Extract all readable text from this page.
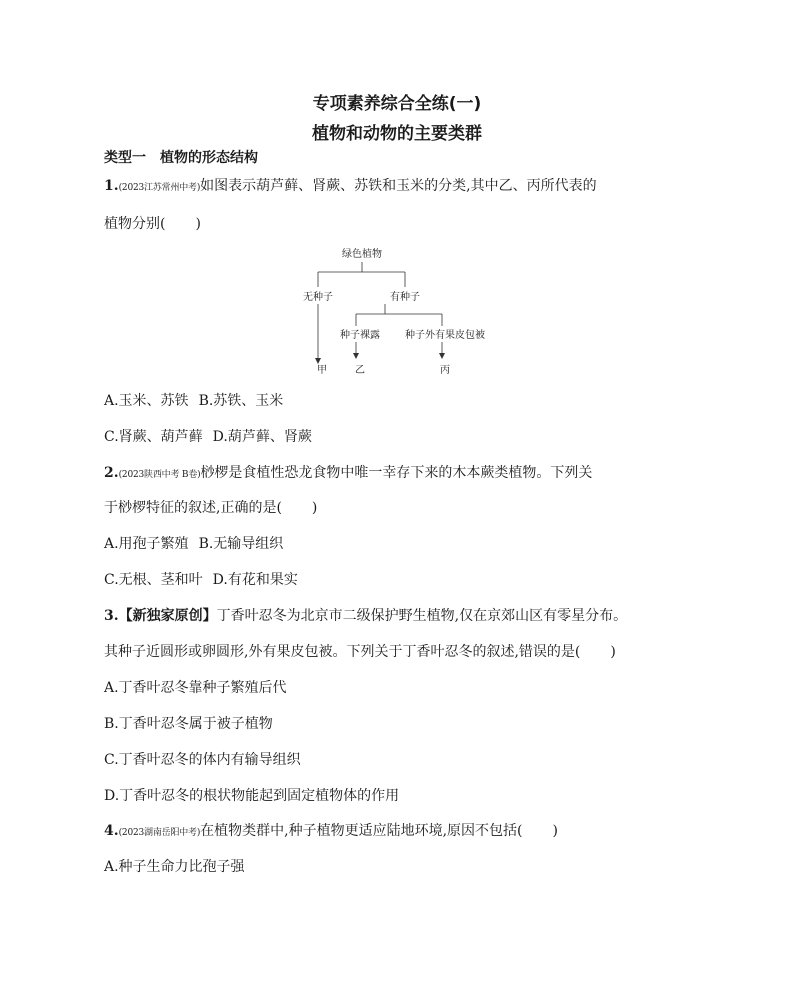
专项素养综合全练(一)
植物和动物的主要类群
类型一 植物的形态结构
1.(2023江苏常州中考)如图表示葫芦藓、肾蕨、苏铁和玉米的分类,其中乙、丙所代表的
植物分别( )
绿色植物
无种子	有种子
种子裸露	种子外有果皮包被
甲	乙	丙
A.玉米、苏铁 B.苏铁、玉米
C.肾蕨、葫芦藓 D.葫芦藓、肾蕨
2.(2023陕西中考 B卷)桫椤是食植性恐龙食物中唯一幸存下来的木本蕨类植物。下列关
于桫椤特征的叙述,正确的是( )
A.用孢子繁殖 B.无输导组织
C.无根、茎和叶 D.有花和果实
3.【新独家原创】丁香叶忍冬为北京市二级保护野生植物,仅在京郊山区有零星分布。
其种子近圆形或卵圆形,外有果皮包被。下列关于丁香叶忍冬的叙述,错误的是( )
A.丁香叶忍冬靠种子繁殖后代
B.丁香叶忍冬属于被子植物
C.丁香叶忍冬的体内有输导组织
D.丁香叶忍冬的根状物能起到固定植物体的作用
4.(2023湖南岳阳中考)在植物类群中,种子植物更适应陆地环境,原因不包括( )
A.种子生命力比孢子强
